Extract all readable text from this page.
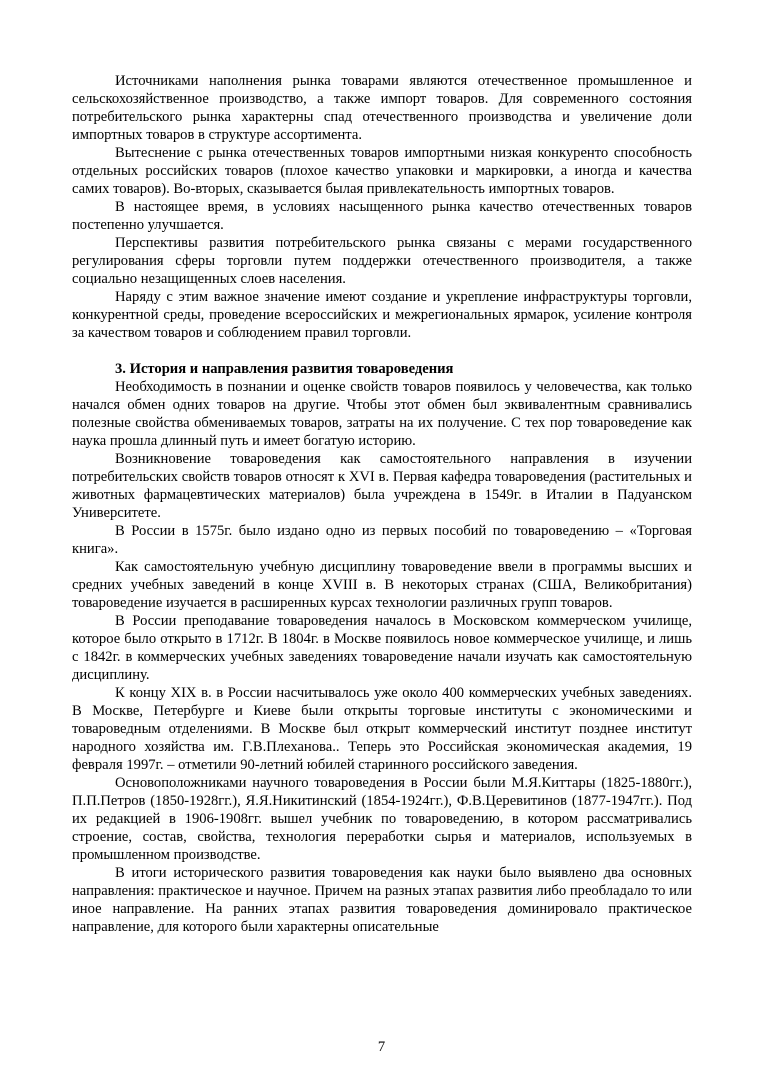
Источниками наполнения рынка товарами являются отечественное промышленное и сельскохозяйственное производство, а также импорт товаров. Для современного состояния потребительского рынка характерны спад отечественного производства и увеличение доли импортных товаров в структуре ассортимента.

Вытеснение с рынка отечественных товаров импортными низкая конкуренто способность отдельных российских товаров (плохое качество упаковки и маркировки, а иногда и качества самих товаров). Во-вторых, сказывается былая привлекательность импортных товаров.

В настоящее время, в условиях насыщенного рынка качество отечественных товаров постепенно улучшается.

Перспективы развития потребительского рынка связаны с мерами государственного регулирования сферы торговли путем поддержки отечественного производителя, а также социально незащищенных слоев населения.

Наряду с этим важное значение имеют создание и укрепление инфраструктуры торговли, конкурентной среды, проведение всероссийских и межрегиональных ярмарок, усиление контроля за качеством товаров и соблюдением правил торговли.

3. История и направления развития товароведения

Необходимость в познании и оценке свойств товаров появилось у человечества, как только начался обмен одних товаров на другие. Чтобы этот обмен был эквивалентным сравнивались полезные свойства обмениваемых товаров, затраты на их получение. С тех пор товароведение как наука прошла длинный путь и имеет богатую историю.

Возникновение товароведения как самостоятельного направления в изучении потребительских свойств товаров относят к XVI в. Первая кафедра товароведения (растительных и животных фармацевтических материалов) была учреждена в 1549г. в Италии в Падуанском Университете.

В России в 1575г. было издано одно из первых пособий по товароведению – «Торговая книга».

Как самостоятельную учебную дисциплину товароведение ввели в программы высших и средних учебных заведений в конце XVIII в. В некоторых странах (США, Великобритания) товароведение изучается в расширенных курсах технологии различных групп товаров.

В России преподавание товароведения началось в Московском коммерческом училище, которое было открыто в 1712г. В 1804г. в Москве появилось новое коммерческое училище, и лишь с 1842г. в коммерческих учебных заведениях товароведение начали изучать как самостоятельную дисциплину.

К концу XIX в. в России насчитывалось уже около 400 коммерческих учебных заведениях. В Москве, Петербурге и Киеве были открыты торговые институты с экономическими и товароведным отделениями. В Москве был открыт коммерческий институт позднее институт народного хозяйства им. Г.В.Плеханова.. Теперь это Российская экономическая академия, 19 февраля 1997г. – отметили 90-летний юбилей старинного российского заведения.

Основоположниками научного товароведения в России были М.Я.Киттары (1825-1880гг.), П.П.Петров (1850-1928гг.), Я.Я.Никитинский (1854-1924гг.), Ф.В.Церевитинов (1877-1947гг.). Под их редакцией в 1906-1908гг. вышел учебник по товароведению, в котором рассматривались строение, состав, свойства, технология переработки сырья и материалов, используемых в промышленном производстве.

В итоги исторического развития товароведения как науки было выявлено два основных направления: практическое и научное. Причем на разных этапах развития либо преобладало то или иное направление. На ранних этапах развития товароведения доминировало практическое направление, для которого были характерны описательные

7
